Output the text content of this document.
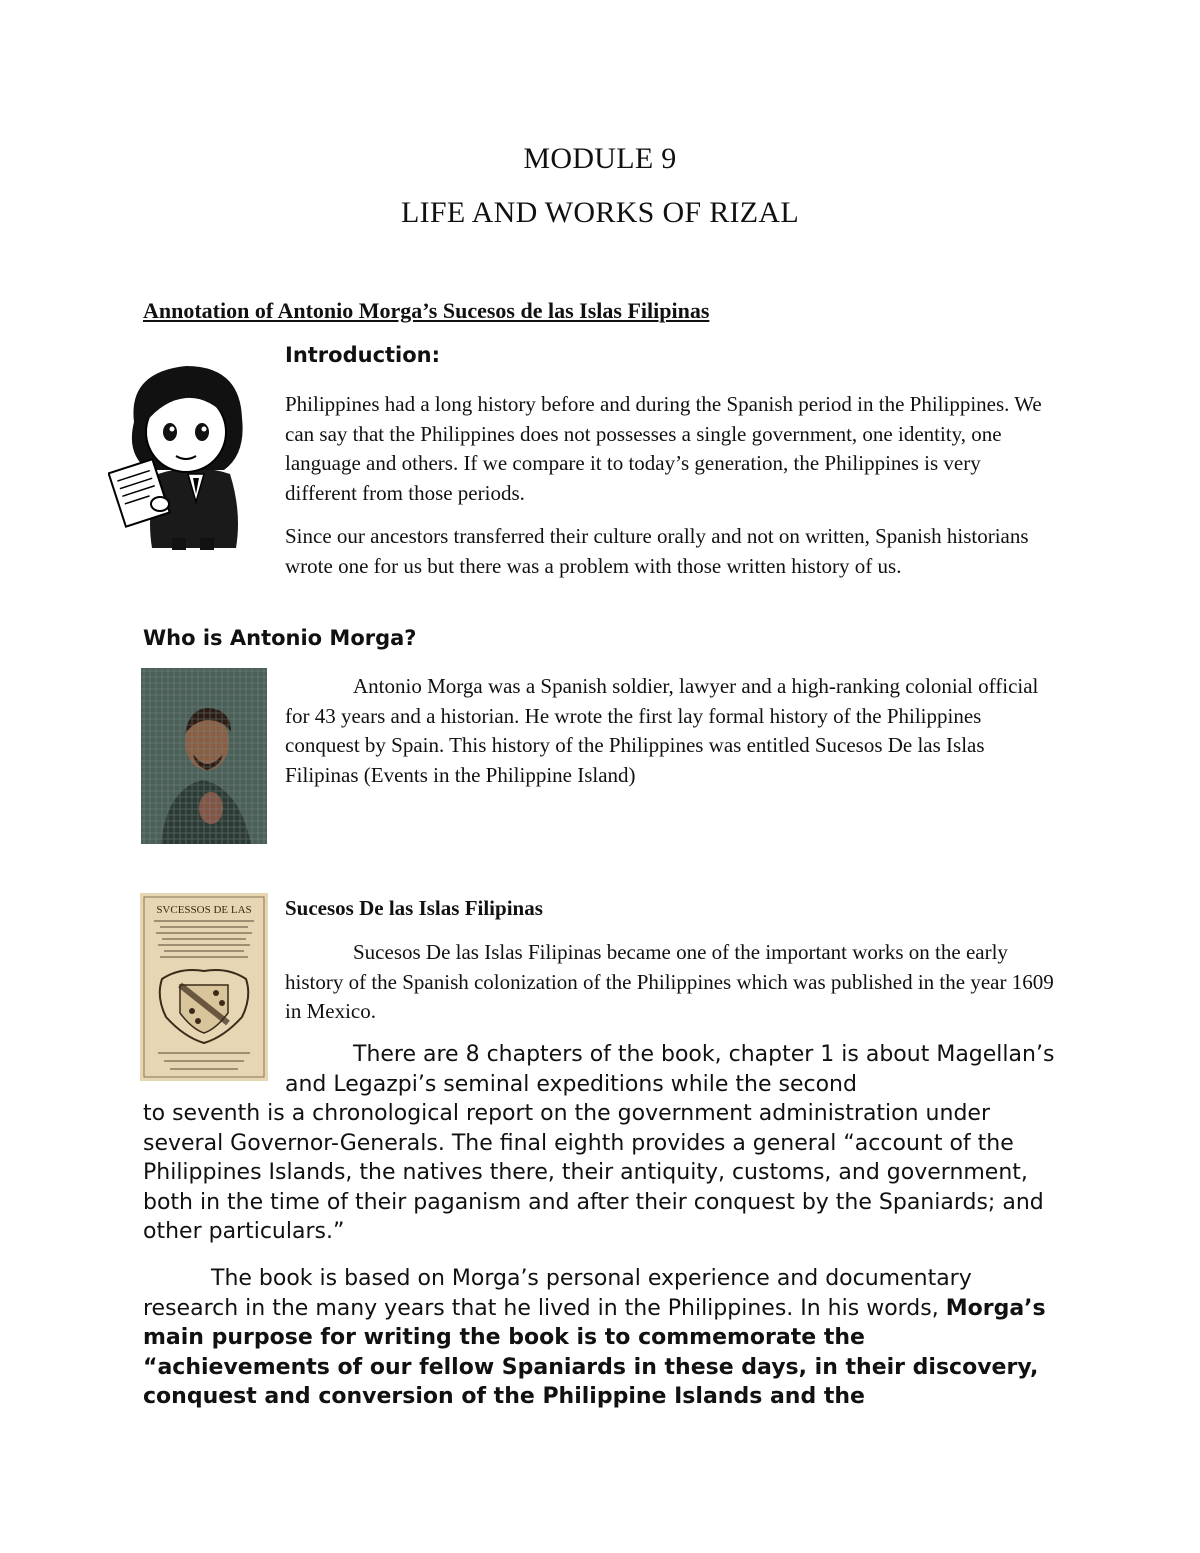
MODULE 9
LIFE AND WORKS OF RIZAL
Annotation of Antonio Morga’s Sucesos de las Islas Filipinas
Introduction:

Philippines had a long history before and during the Spanish period in the Philippines. We can say that the Philippines does not possesses a single government, one identity, one language and others. If we compare it to today’s generation, the Philippines is very different from those periods.

Since our ancestors transferred their culture orally and not on written, Spanish historians wrote one for us but there was a problem with those written history of us.

Who is Antonio Morga?

Antonio Morga was a Spanish soldier, lawyer and a high-ranking colonial official for 43 years and a historian. He wrote the first lay formal history of the Philippines conquest by Spain. This history of the Philippines was entitled Sucesos De las Islas Filipinas (Events in the Philippine Island)

SVCESSOS DE LAS Sucesos De las Islas Filipinas

Sucesos De las Islas Filipinas became one of the important works on the early history of the Spanish colonization of the Philippines which was published in the year 1609 in Mexico.

There are 8 chapters of the book, chapter 1 is about Magellan’s and Legazpi’s seminal expeditions while the second

to seventh is a chronological report on the government administration under several Governor-Generals. The final eighth provides a general “account of the Philippines Islands, the natives there, their antiquity, customs, and government, both in the time of their paganism and after their conquest by the Spaniards; and other particulars.”

The book is based on Morga’s personal experience and documentary research in the many years that he lived in the Philippines. In his words, Morga’s main purpose for writing the book is to commemorate the “achievements of our fellow Spaniards in these days, in their discovery, conquest and conversion of the Philippine Islands and the
